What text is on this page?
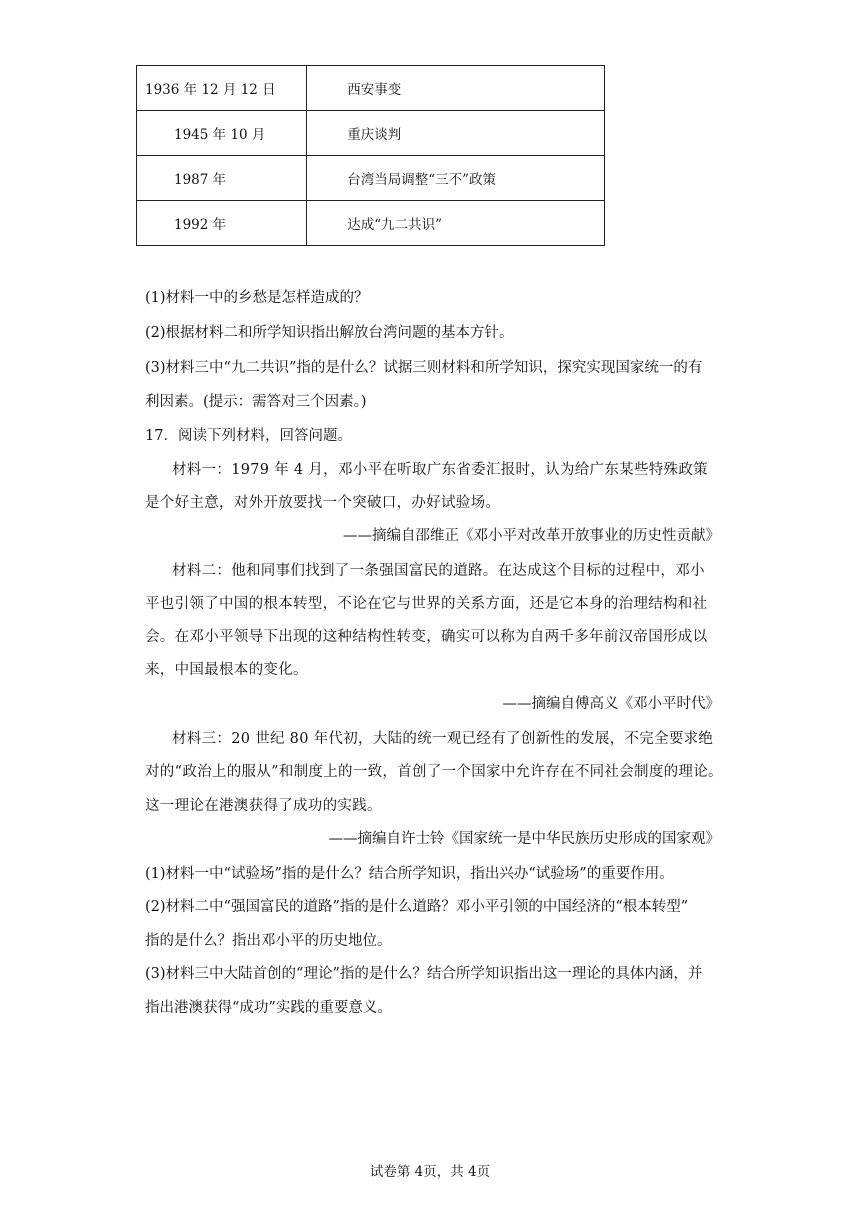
1936 年 12 月 12 日	西安事变
1945 年 10 月	重庆谈判
1987 年	台湾当局调整“三不”政策
1992 年	达成“九二共识”
(1)材料一中的乡愁是怎样造成的？
(2)根据材料二和所学知识指出解放台湾问题的基本方针。
(3)材料三中“九二共识”指的是什么？试据三则材料和所学知识，探究实现国家统一的有
利因素。(提示：需答对三个因素。)
17．阅读下列材料，回答问题。
材料一：1979 年 4 月，邓小平在听取广东省委汇报时，认为给广东某些特殊政策
是个好主意，对外开放要找一个突破口，办好试验场。
——摘编自邵维正《邓小平对改革开放事业的历史性贡献》
材料二：他和同事们找到了一条强国富民的道路。在达成这个目标的过程中，邓小
平也引领了中国的根本转型，不论在它与世界的关系方面，还是它本身的治理结构和社
会。在邓小平领导下出现的这种结构性转变，确实可以称为自两千多年前汉帝国形成以
来，中国最根本的变化。
——摘编自傅高义《邓小平时代》
材料三：20 世纪 80 年代初，大陆的统一观已经有了创新性的发展，不完全要求绝
对的“政治上的服从”和制度上的一致，首创了一个国家中允许存在不同社会制度的理论。
这一理论在港澳获得了成功的实践。
——摘编自许士铃《国家统一是中华民族历史形成的国家观》
(1)材料一中“试验场”指的是什么？结合所学知识，指出兴办“试验场”的重要作用。
(2)材料二中“强国富民的道路”指的是什么道路？邓小平引领的中国经济的“根本转型”
指的是什么？指出邓小平的历史地位。
(3)材料三中大陆首创的“理论”指的是什么？结合所学知识指出这一理论的具体内涵，并
指出港澳获得“成功”实践的重要意义。
试卷第 4页，共 4页
